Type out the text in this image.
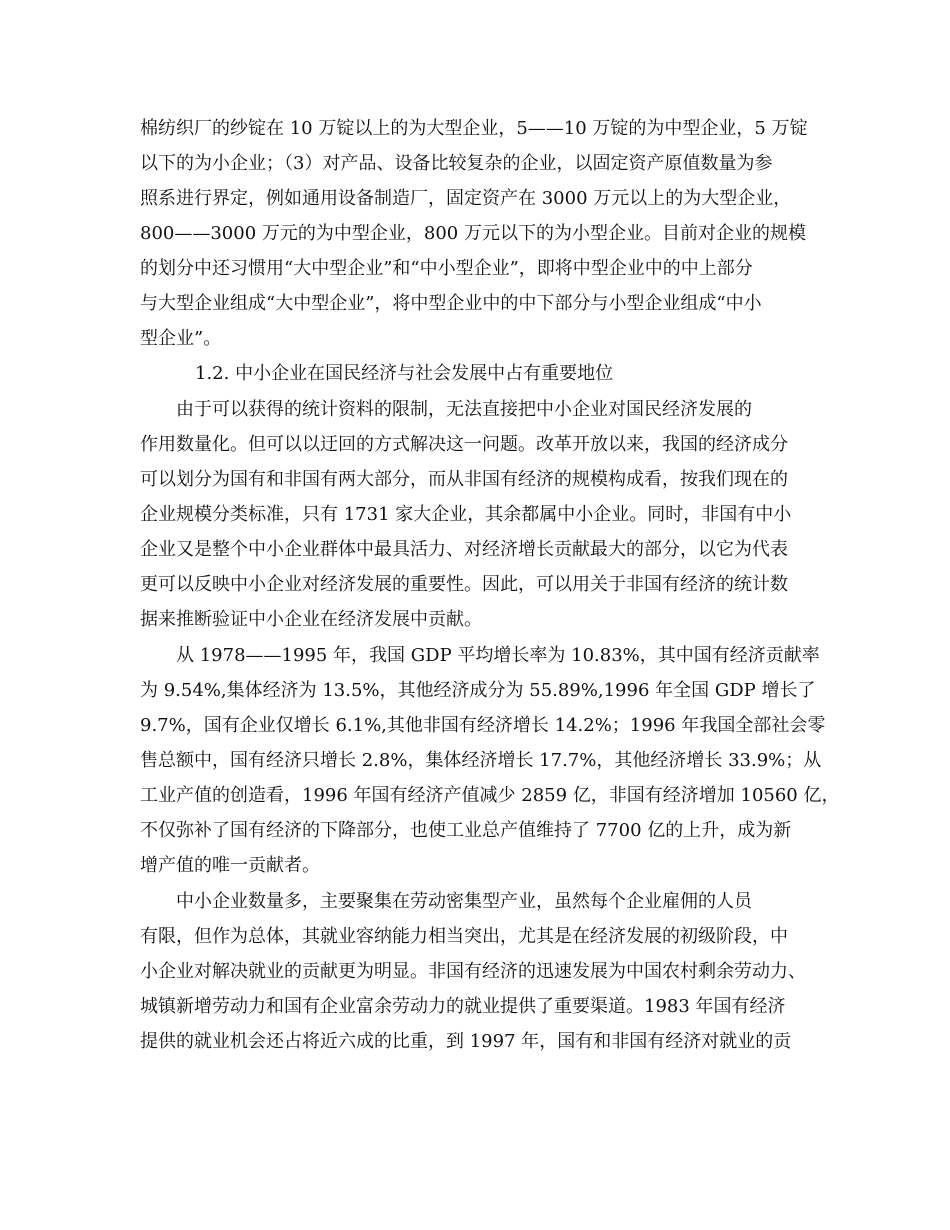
棉纺织厂的纱锭在 10 万锭以上的为大型企业，5——10 万锭的为中型企业，5 万锭
以下的为小企业；（3）对产品、设备比较复杂的企业，以固定资产原值数量为参
照系进行界定，例如通用设备制造厂，固定资产在 3000 万元以上的为大型企业，
800——3000 万元的为中型企业，800 万元以下的为小型企业。目前对企业的规模
的划分中还习惯用“大中型企业”和“中小型企业”，即将中型企业中的中上部分
与大型企业组成“大中型企业”，将中型企业中的中下部分与小型企业组成“中小
型企业”。
1.2. 中小企业在国民经济与社会发展中占有重要地位
由于可以获得的统计资料的限制，无法直接把中小企业对国民经济发展的
作用数量化。但可以以迂回的方式解决这一问题。改革开放以来，我国的经济成分
可以划分为国有和非国有两大部分，而从非国有经济的规模构成看，按我们现在的
企业规模分类标准，只有 1731 家大企业，其余都属中小企业。同时，非国有中小
企业又是整个中小企业群体中最具活力、对经济增长贡献最大的部分，以它为代表
更可以反映中小企业对经济发展的重要性。因此，可以用关于非国有经济的统计数
据来推断验证中小企业在经济发展中贡献。
从 1978——1995 年，我国 GDP 平均增长率为 10.83%，其中国有经济贡献率
为 9.54%,集体经济为 13.5%，其他经济成分为 55.89%,1996 年全国 GDP 增长了
9.7%，国有企业仅增长 6.1%,其他非国有经济增长 14.2%；1996 年我国全部社会零
售总额中，国有经济只增长 2.8%，集体经济增长 17.7%，其他经济增长 33.9%；从
工业产值的创造看，1996 年国有经济产值减少 2859 亿，非国有经济增加 10560 亿，
不仅弥补了国有经济的下降部分，也使工业总产值维持了 7700 亿的上升，成为新
增产值的唯一贡献者。
中小企业数量多，主要聚集在劳动密集型产业，虽然每个企业雇佣的人员
有限，但作为总体，其就业容纳能力相当突出，尤其是在经济发展的初级阶段，中
小企业对解决就业的贡献更为明显。非国有经济的迅速发展为中国农村剩余劳动力、
城镇新增劳动力和国有企业富余劳动力的就业提供了重要渠道。1983 年国有经济
提供的就业机会还占将近六成的比重，到 1997 年，国有和非国有经济对就业的贡
